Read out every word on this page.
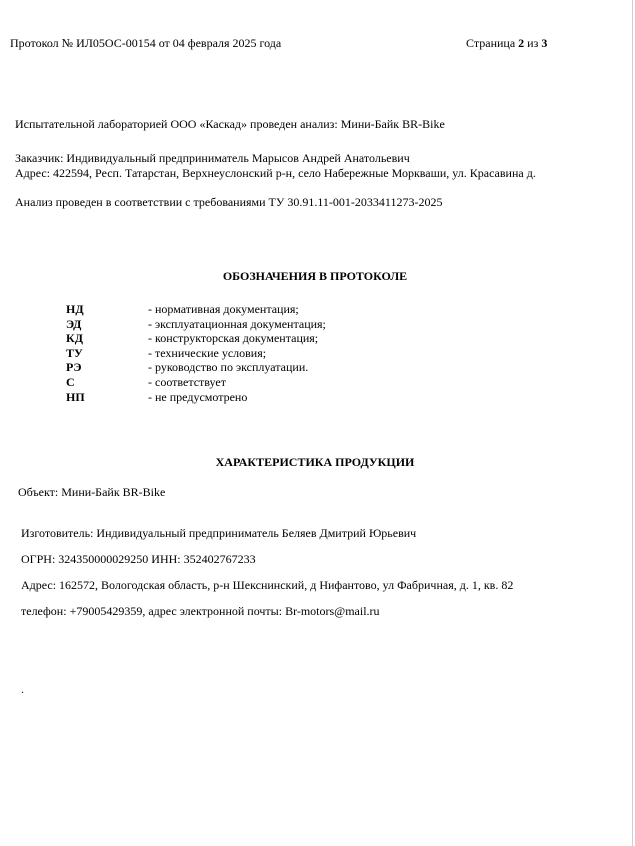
Протокол № ИЛ05ОС-00154 от 04 февраля 2025 года	Страница 2 из 3
Испытательной лабораторией ООО «Каскад» проведен анализ: Мини-Байк BR-Bike
Заказчик: Индивидуальный предприниматель Марысов Андрей Анатольевич
Адрес: 422594, Респ. Татарстан, Верхнеуслонский р-н, село Набережные Моркваши, ул. Красавина д.
Анализ проведен в соответствии с требованиями ТУ 30.91.11-001-2033411273-2025
ОБОЗНАЧЕНИЯ В ПРОТОКОЛЕ
НД	- нормативная документация;
ЭД	- эксплуатационная документация;
КД	- конструкторская документация;
ТУ	- технические условия;
РЭ	- руководство по эксплуатации.
С	- соответствует
НП	- не предусмотрено
ХАРАКТЕРИСТИКА ПРОДУКЦИИ
Объект: Мини-Байк BR-Bike
Изготовитель: Индивидуальный предприниматель Беляев Дмитрий Юрьевич
ОГРН: 324350000029250 ИНН: 352402767233
Адрес: 162572, Вологодская область, р-н Шекснинский, д Нифантово, ул Фабричная, д. 1, кв. 82
телефон: +79005429359, адрес электронной почты: Br-motors@mail.ru
.
